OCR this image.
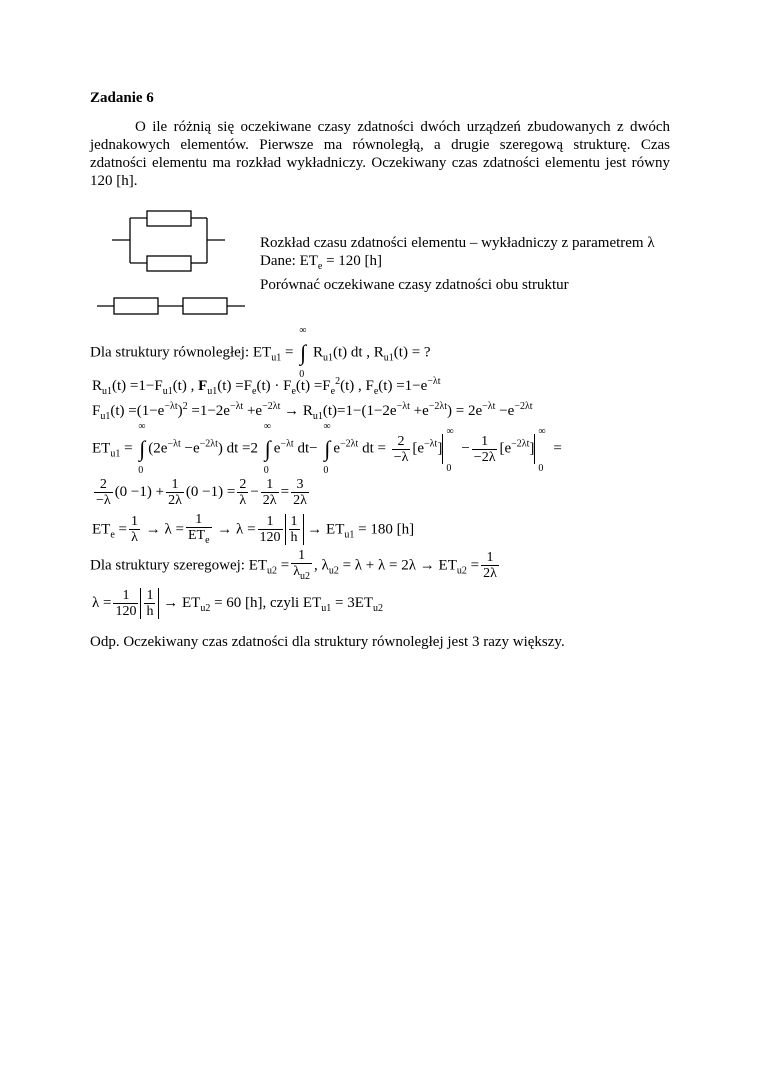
Zadanie 6
O ile różnią się oczekiwane czasy zdatności dwóch urządzeń zbudowanych z dwóch jednakowych elementów. Pierwsze ma równoległą, a drugie szeregową strukturę. Czas zdatności elementu ma rozkład wykładniczy. Oczekiwany czas zdatności elementu jest równy 120 [h].
Rozkład czasu zdatności elementu – wykładniczy z parametrem λ
Dane: $ET_e = 120$ [h]
Porównać oczekiwane czasy zdatności obu struktur
Dla struktury równoległej: $ET_{u1}$ = ∫
∞
0
$R_{u1}(t)$ dt , $R_{u1}(t)$ = ?
$R_{u1}(t) =1-F_{u1}(t)$ , $F_{u1}(t) =F_e(t) \cdot F_e(t) =F_e^2(t)$ , $F_e(t) =1-e^{-\lambda t}$
$F_{u1}(t) =(1-e^{-\lambda t})^2 =1-2e^{-\lambda t} +e^{-2\lambda t} \to R_{u1}(t)=1-(1-2e^{-\lambda t} +e^{-2\lambda t}) = 2e^{-\lambda t} -e^{-2\lambda t}$
$ET_{u1}$ = ∫
∞
0
$(2e^{-\lambda t} -e^{-2\lambda t})$ dt =2 ∫
∞
0
$e^{-\lambda t}$ dt− ∫
∞
0
$e^{-2\lambda t}$ dt = $\frac{2}{-\lambda} [e^{-\lambda t}]$
∞
0
− $\frac{1}{-2\lambda} [e^{-2\lambda t}]$
∞
0
=
$\frac{2}{-\lambda} (0 -1) + \frac{1}{2\lambda} (0 -1) = \frac{2}{\lambda} - \frac{1}{2\lambda} = \frac{3}{2\lambda}$
$ET_e = \frac{1}{\lambda} \to \lambda = \frac{1}{ET_e} \to \lambda = \frac{1}{120} \frac{1}{h} \to ET_{u1} = 180$ [h]
Dla struktury szeregowej: $ET_{u2} = \frac{1}{\lambda_{u2}}$ , $\lambda_{u2} = \lambda + \lambda = 2\lambda \to ET_{u2} = \frac{1}{2\lambda}$
$\lambda = \frac{1}{120} \frac{1}{h} \to ET_{u2} = 60$ [h], czyli $ET_{u1} = 3ET_{u2}$
Odp. Oczekiwany czas zdatności dla struktury równoległej jest 3 razy większy.
